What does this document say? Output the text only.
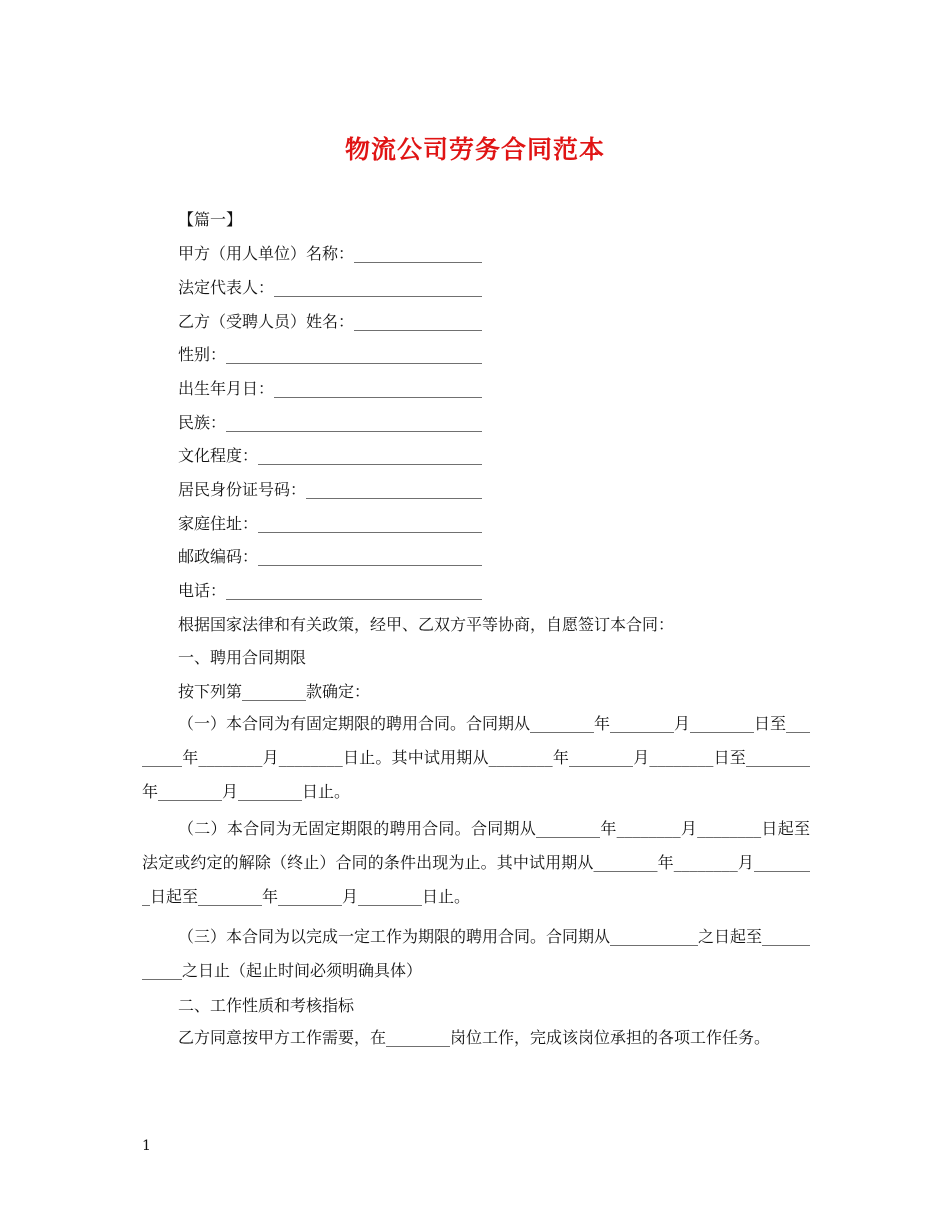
物流公司劳务合同范本

【篇一】

甲方（用人单位）名称：________________

法定代表人：__________________________

乙方（受聘人员）姓名：________________

性别：________________________________

出生年月日：__________________________

民族：________________________________

文化程度：____________________________

居民身份证号码：______________________

家庭住址：____________________________

邮政编码：____________________________

电话：________________________________

根据国家法律和有关政策，经甲、乙双方平等协商，自愿签订本合同：

一、聘用合同期限

按下列第________款确定：

（一）本合同为有固定期限的聘用合同。合同期从________年________月________日至________年________月________日止。其中试用期从________年________月________日至________年________月________日止。

（二）本合同为无固定期限的聘用合同。合同期从________年________月________日起至法定或约定的解除（终止）合同的条件出现为止。其中试用期从________年________月________日起至________年________月________日止。

（三）本合同为以完成一定工作为期限的聘用合同。合同期从___________之日起至___________之日止（起止时间必须明确具体）

二、工作性质和考核指标

乙方同意按甲方工作需要，在________岗位工作，完成该岗位承担的各项工作任务。

1
